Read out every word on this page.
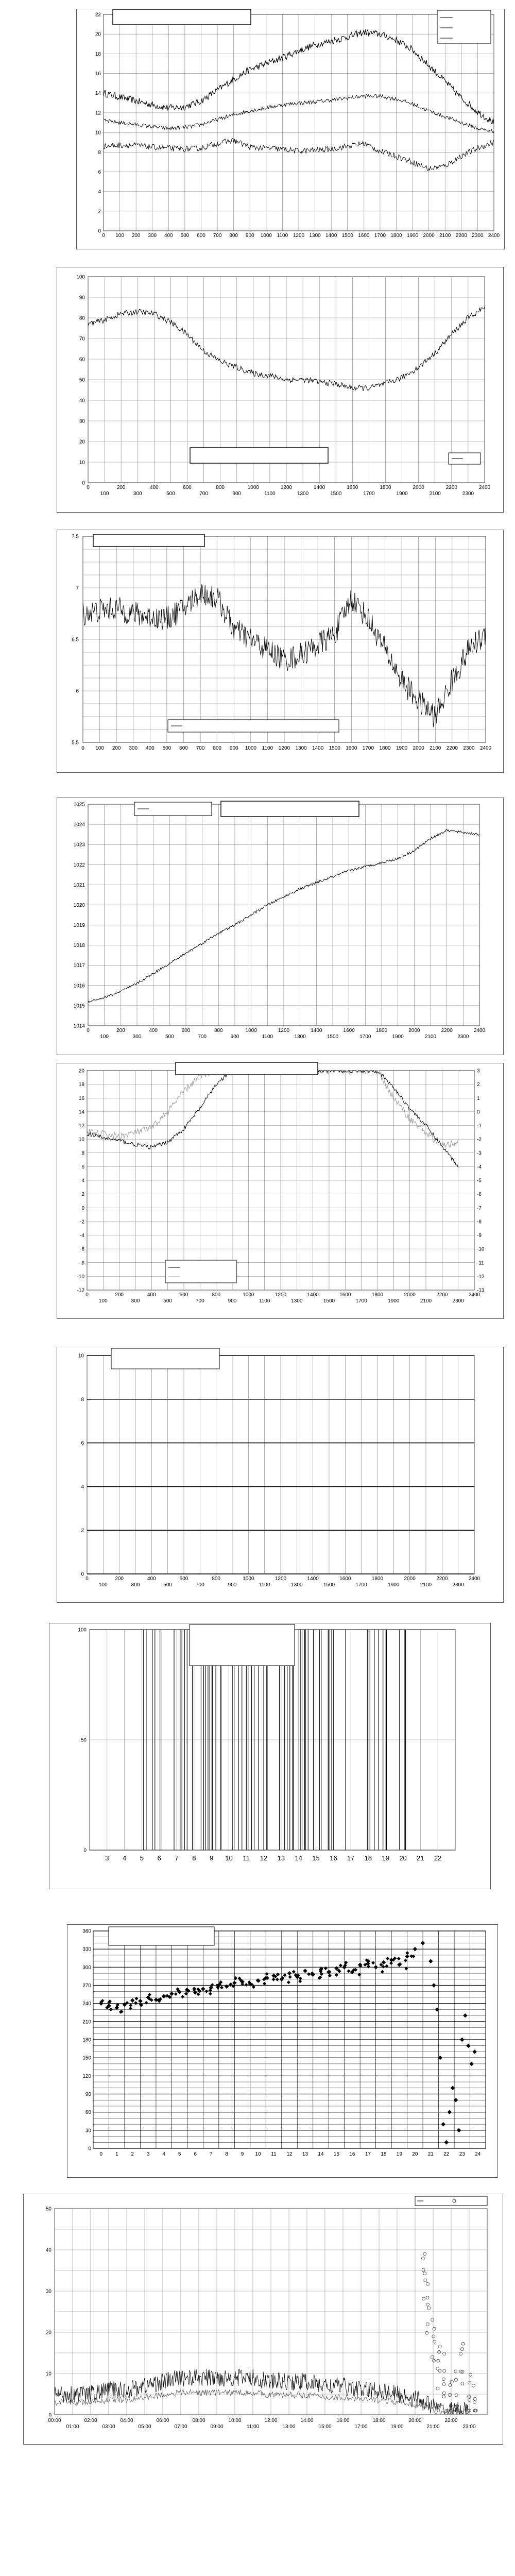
0
2
4
6
8
10
12
14
16
18
20
22
0 100 200 300 400 500 600 700 800 900 1000 1100 1200 1300 1400 1500 1600 1700 1800 1900 2000 2100 2200 2300 2400
0
10
20
30
40
50
60
70
80
90
100
0	200	400	600	800	1000	1200	1400	1600	1800	2000	2200	2400
100	300	500	700	900	1100	1300	1500	1700	1900	2100	2300
5.5
6
6.5
7
7.5
0 100 200 300 400 500 600 700 800 900 1000 1100 1200 1300 1400 1500 1600 1700 1800 1900 2000 2100 2200 2300 2400
1014
1015
1016
1017
1018
1019
1020
1021
1022
1023
1024
1025
0	200	400	600	800	1000	1200	1400	1600	1800	2000	2200	2400
100	300	500	700	900	1100	1300	1500	1700	1900	2100	2300
-12
-10
-8
-6
-4
-2
0
2
4
6
8
10
12
14
16
18
20
-13
-12
-11
-10
-9
-8
-7
-6
-5
-4
-3
-2
-1
0
1
2
3
0	200	400	600	800	1000	1200	1400	1600	1800	2000	2200	2400
100	300	500	700	900	1100	1300	1500	1700	1900	2100	2300
0
2
4
6
8
10
0	200	400	600	800	1000	1200	1400	1600	1800	2000	2200	2400
100	300	500	700	900	1100	1300	1500	1700	1900	2100	2300
0
50
100
3 4 5 6 7 8 9 10 11 12 13 14 15 16 17 18 19 20 21 22
0
30
60
90
120
150
180
210
240
270
300
330
360
0 1 2 3 4 5 6 7 8 9 10 11 12 13 14 15 16 17 18 19 20 21 22 23 24
0
10
20
30
40
50
00:00	02:00	04:00	06:00	08:00	10:00	12:00	14:00	16:00	18:00	20:00	22:00
01:00	03:00	05:00	07:00	09:00	11:00	13:00	15:00	17:00	19:00	21:00	23:00
